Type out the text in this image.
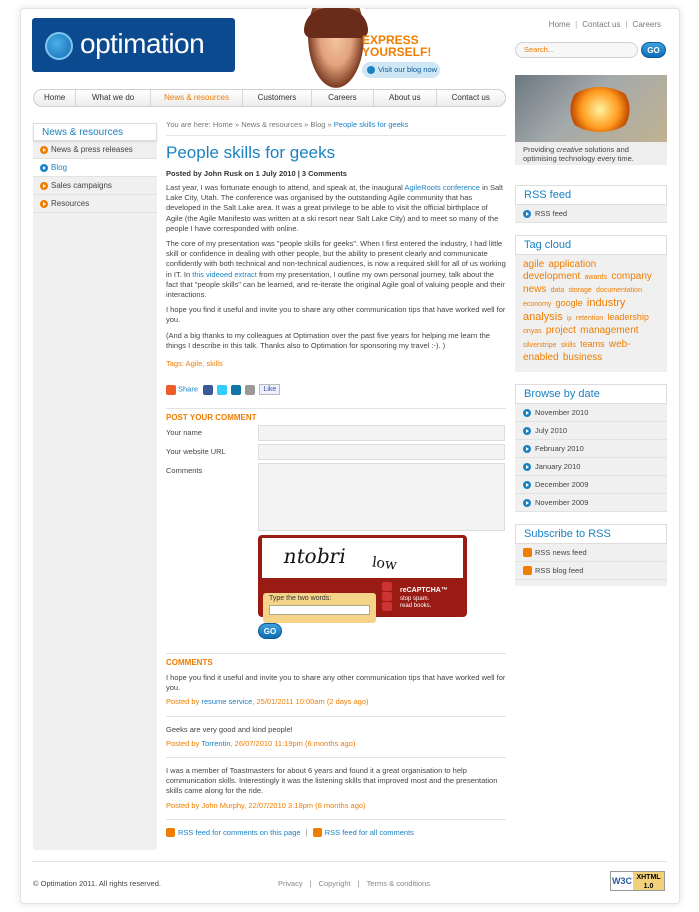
optimation	EXPRESS
YOURSELF!
Visit our blog now
Home | Contact us | Careers
Search...	GO
Home	What we do	News & resources	Customers	Careers	About us	Contact us
News & resources
News & press releases
Blog
Sales campaigns
Resources
You are here: Home » News & resources » Blog » People skills for geeks
People skills for geeks
Posted by John Rusk on 1 July 2010 | 3 Comments
Last year, I was fortunate enough to attend, and speak at, the inaugural AgileRoots conference in Salt Lake City, Utah. The conference was organised by the outstanding Agile community that has developed in the Salt Lake area. It was a great privilege to be able to visit the official birthplace of Agile (the Agile Manifesto was written at a ski resort near Salt Lake City) and to meet so many of the people I have corresponded with online.
The core of my presentation was "people skills for geeks". When I first entered the industry, I had little skill or confidence in dealing with other people, but the ability to present clearly and communicate confidently with both technical and non-technical audiences, is now a required skill for all of us working in IT. In this videoed extract from my presentation, I outline my own personal journey, talk about the fact that "people skills" can be learned, and re-iterate the original Agile goal of valuing people and their interactions.
I hope you find it useful and invite you to share any other communication tips that have worked well for you.
(And a big thanks to my colleagues at Optimation over the past five years for helping me learn the things I describe in this talk. Thanks also to Optimation for sponsoring my travel :-). )
Tags: Agile, skills
Share	Like
POST YOUR COMMENT
Your name
Your website URL
Comments
ntobri low
Type the two words:
reCAPTCHA™
stop spam.
read books.
GO
COMMENTS
I hope you find it useful and invite you to share any other communication tips that have worked well for you.
Posted by resume service, 25/01/2011 10:00am (2 days ago)
Geeks are very good and kind people!
Posted by Torrentin, 26/07/2010 11:19pm (6 months ago)
I was a member of Toastmasters for about 6 years and found it a great organisation to help communication skills. Interestingly it was the listening skills that improved most and the presentation skills came along for the ride.
Posted by John Murphy, 22/07/2010 3:18pm (6 months ago)
RSS feed for comments on this page | RSS feed for all comments
Providing creative solutions and optimising technology every time.
RSS feed
RSS feed
Tag cloud
agile application development awards company news data storage documentation economy google industry analysis ip retention leadership onyas project management silverstripe skills teams web-enabled business
Browse by date
November 2010
July 2010
February 2010
January 2010
December 2009
November 2009
Subscribe to RSS
RSS news feed
RSS blog feed
© Optimation 2011. All rights reserved.	Privacy | Copyright | Terms & conditions	W3C XHTML
1.0
